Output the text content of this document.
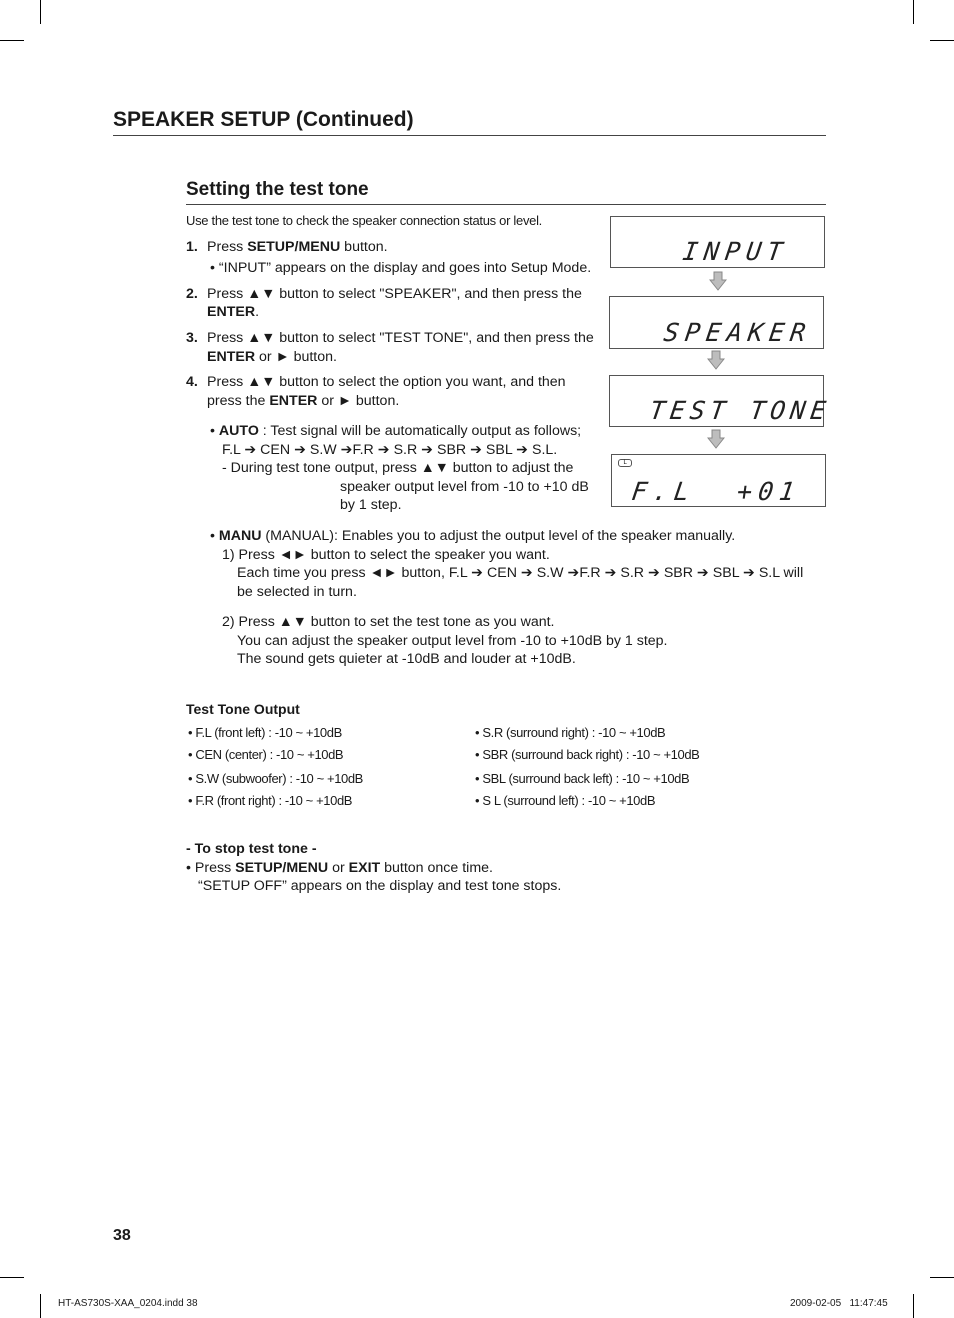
SPEAKER SETUP (Continued)
Setting the test tone
Use the test tone to check the speaker connection status or level.
1. Press SETUP/MENU button.
• “INPUT” appears on the display and goes into Setup Mode.
2. Press ▲▼ button to select "SPEAKER", and then press the
ENTER.
3. Press ▲▼ button to select "TEST TONE", and then press the
ENTER or ► button.
4. Press ▲▼ button to select the option you want, and then
press the ENTER or ► button.
• AUTO : Test signal will be automatically output as follows;
F.L ➔ CEN ➔ S.W ➔F.R ➔ S.R ➔ SBR ➔ SBL ➔ S.L.
- During test tone output, press ▲▼ button to adjust the
speaker output level from -10 to +10 dB
by 1 step.
INPUT
SPEAKER
TEST TONE
L
F.L  +01
• MANU (MANUAL): Enables you to adjust the output level of the speaker manually.
1) Press ◄► button to select the speaker you want.
Each time you press ◄► button, F.L ➔ CEN ➔ S.W ➔F.R ➔ S.R ➔ SBR ➔ SBL ➔ S.L will
be selected in turn.
2) Press ▲▼ button to set the test tone as you want.
You can adjust the speaker output level from -10 to +10dB by 1 step.
The sound gets quieter at -10dB and louder at +10dB.
Test Tone Output
• F.L (front left) : -10 ~ +10dB
• CEN (center) : -10 ~ +10dB
• S.W (subwoofer) : -10 ~ +10dB
• F.R (front right) : -10 ~ +10dB
• S.R (surround right) : -10 ~ +10dB
• SBR (surround back right) : -10 ~ +10dB
• SBL (surround back left) : -10 ~ +10dB
• S L (surround left) : -10 ~ +10dB
- To stop test tone -
• Press SETUP/MENU or EXIT button once time.
“SETUP OFF” appears on the display and test tone stops.
38
HT-AS730S-XAA_0204.indd 38	2009-02-05   11:47:45
